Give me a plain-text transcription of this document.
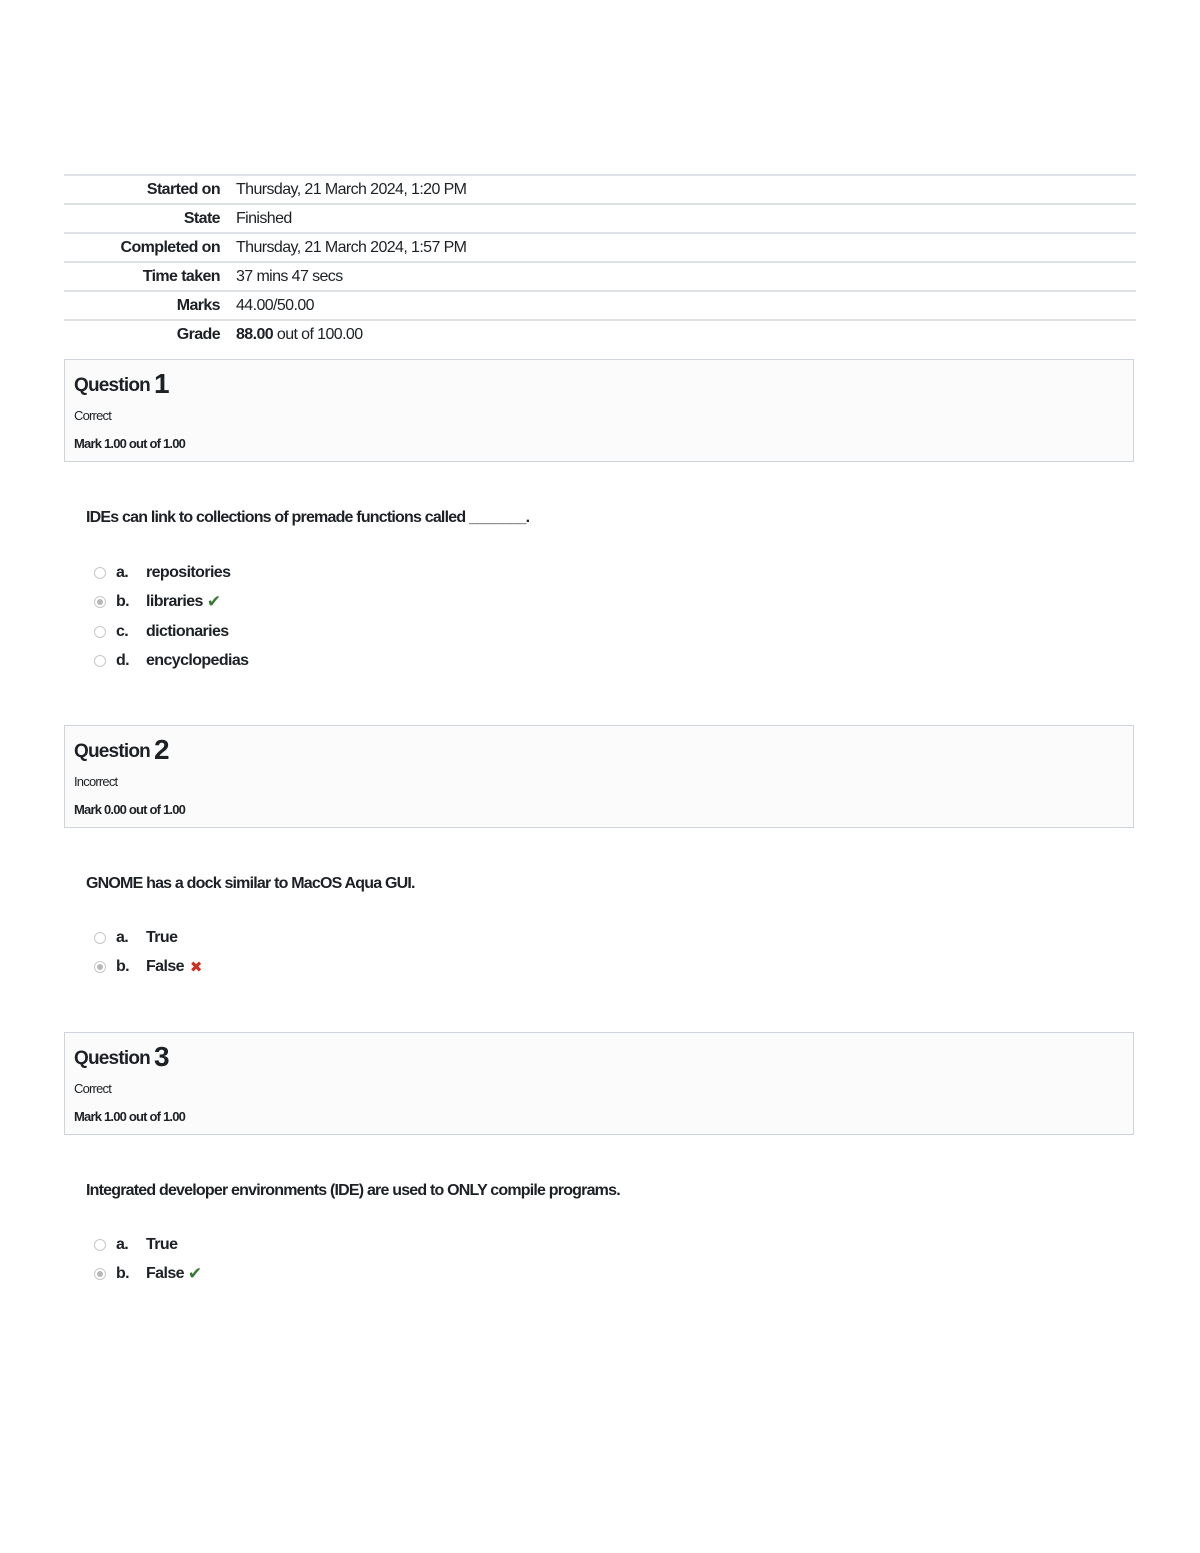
Started on	Thursday, 21 March 2024, 1:20 PM
State	Finished
Completed on	Thursday, 21 March 2024, 1:57 PM
Time taken	37 mins 47 secs
Marks	44.00/50.00
Grade	88.00 out of 100.00
Question 1
Correct
Mark 1.00 out of 1.00
IDEs can link to collections of premade functions called _______.
a.	repositories
b.	libraries ✔
c.	dictionaries
d.	encyclopedias
Question 2
Incorrect
Mark 0.00 out of 1.00
GNOME has a dock similar to MacOS Aqua GUI.
a.	True
b.	False ✖
Question 3
Correct
Mark 1.00 out of 1.00
Integrated developer environments (IDE) are used to ONLY compile programs.
a.	True
b.	False ✔
